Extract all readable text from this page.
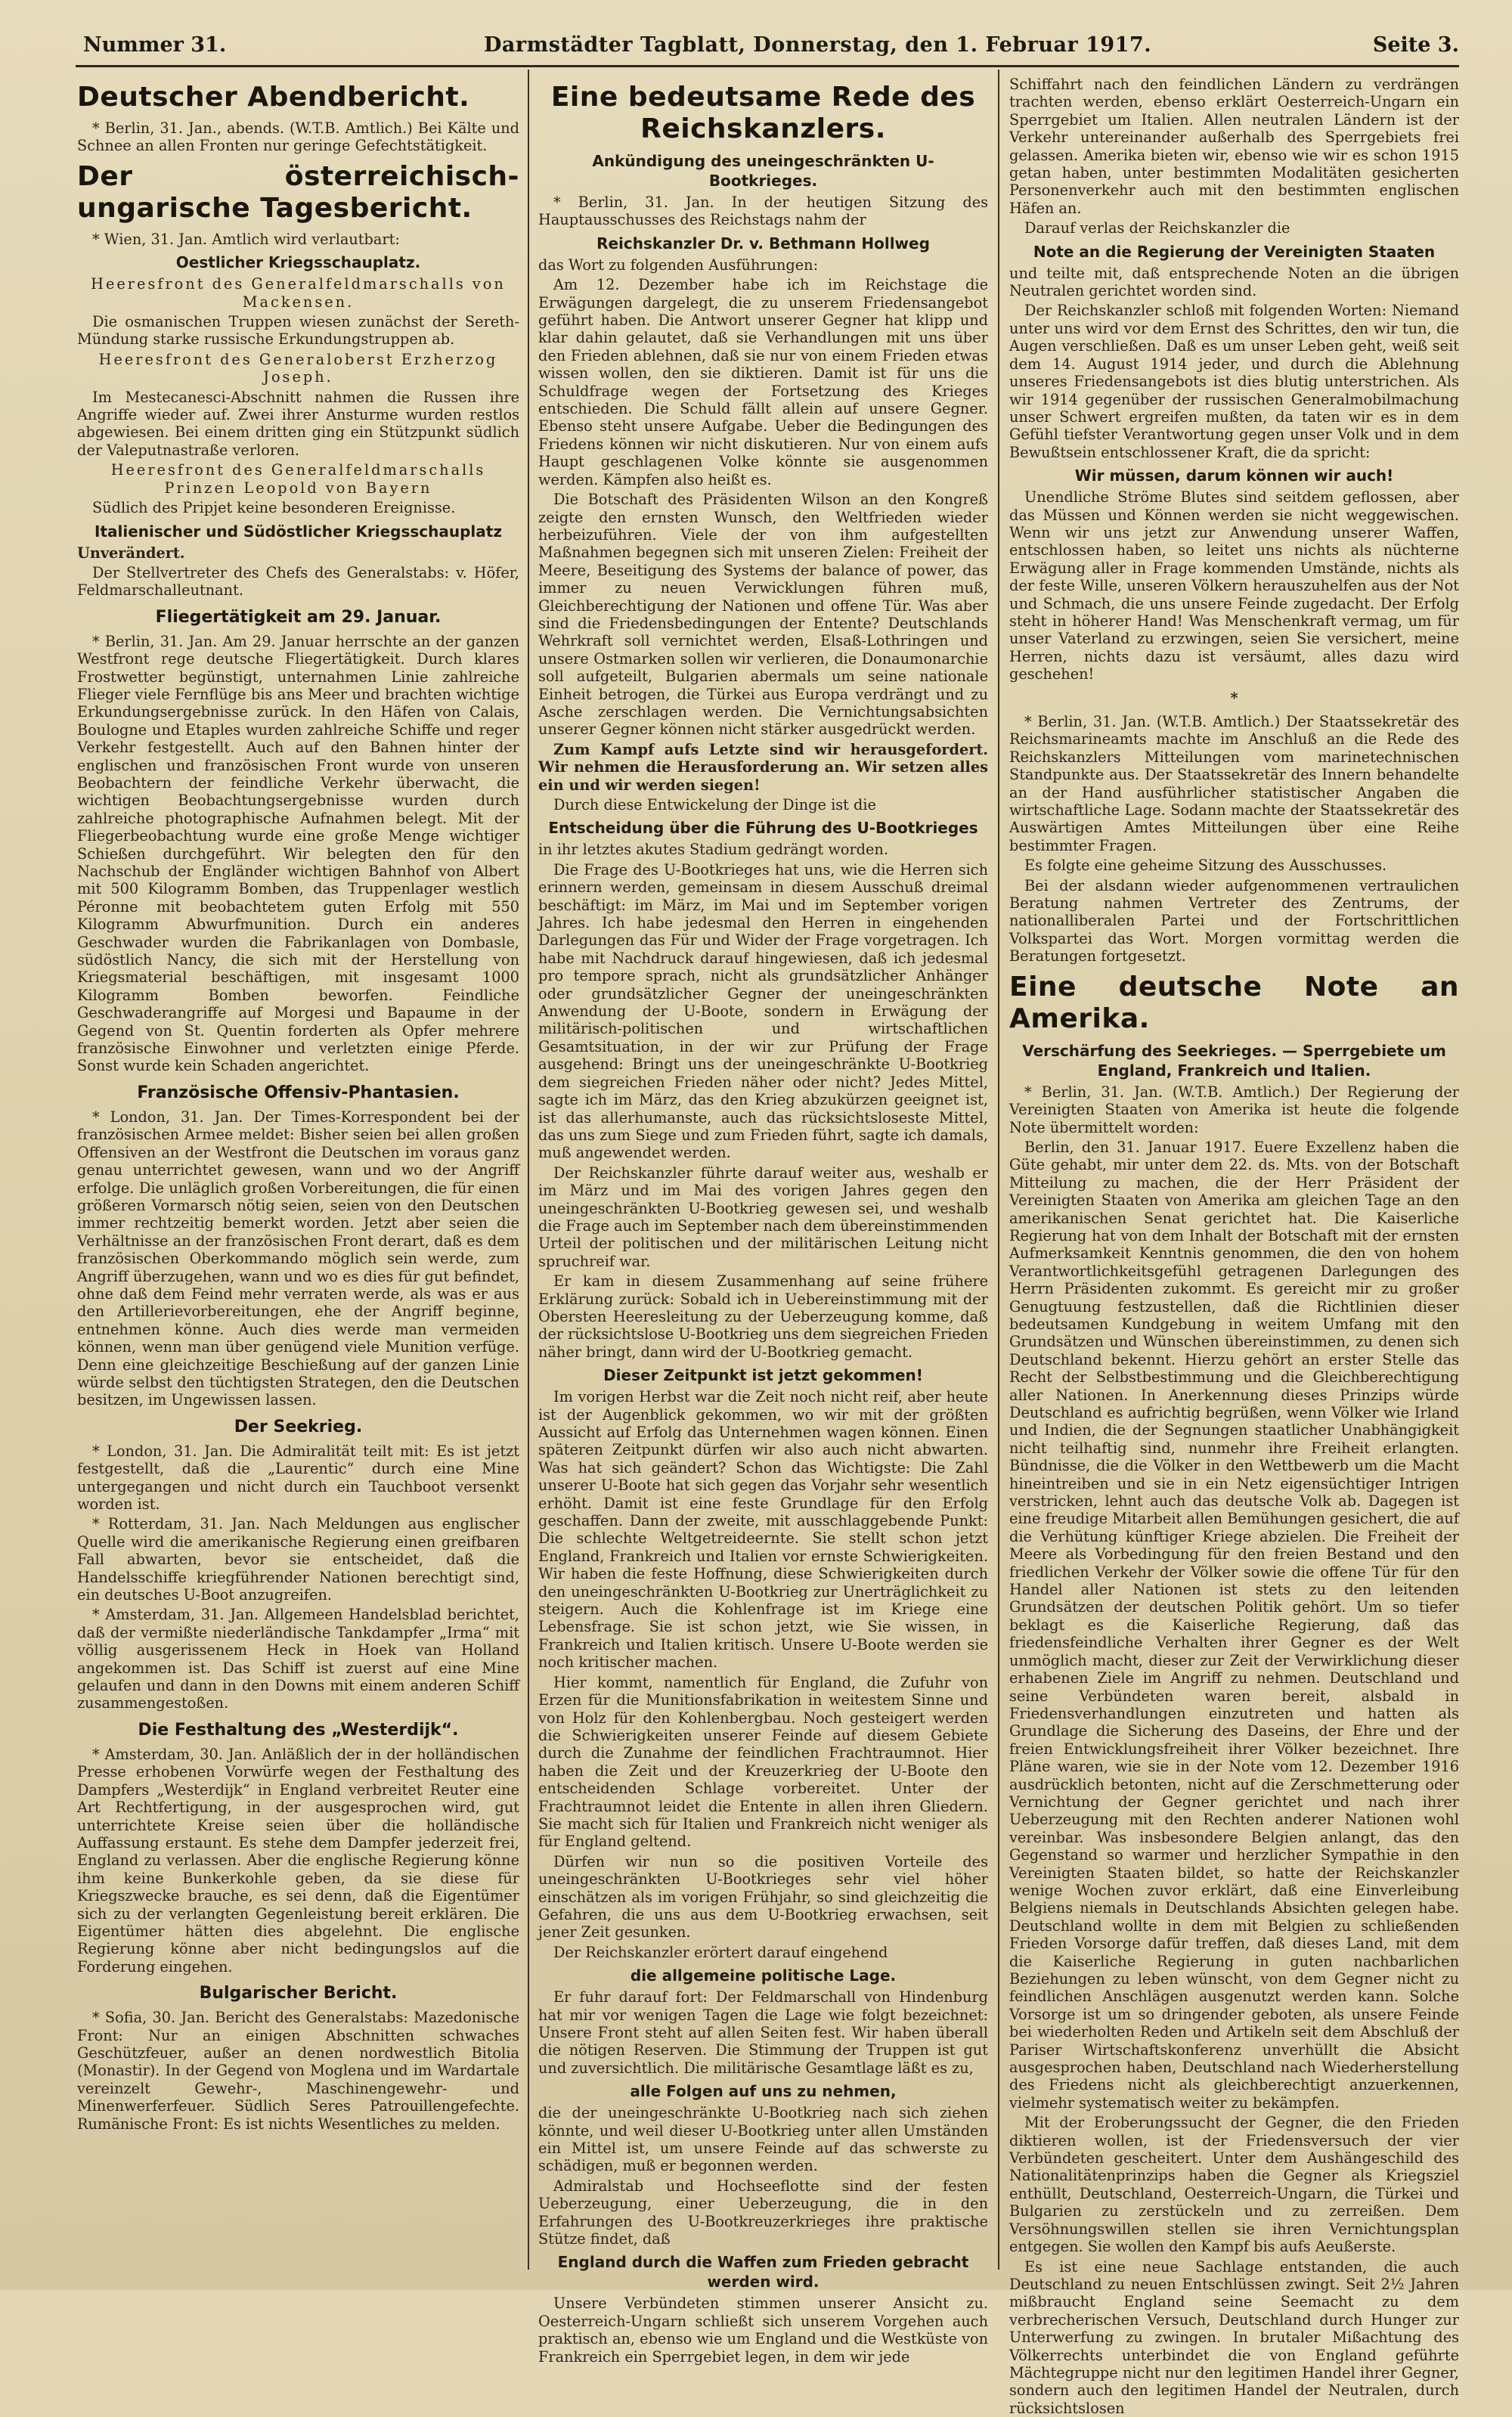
Nummer 31.	Darmstädter Tagblatt, Donnerstag, den 1. Februar 1917.	Seite 3.
Deutscher Abendbericht.

* Berlin, 31. Jan., abends. (W.T.B. Amtlich.) Bei Kälte und Schnee an allen Fronten nur geringe Gefechtstätigkeit.

Der österreichisch-ungarische Tagesbericht.

* Wien, 31. Jan. Amtlich wird verlautbart:

Oestlicher Kriegsschauplatz.

Heeresfront des Generalfeldmarschalls von Mackensen.

Die osmanischen Truppen wiesen zunächst der Sereth-Mündung starke russische Erkundungstruppen ab.

Heeresfront des Generaloberst Erzherzog Joseph.

Im Mestecanesci-Abschnitt nahmen die Russen ihre Angriffe wieder auf. Zwei ihrer Ansturme wurden restlos abgewiesen. Bei einem dritten ging ein Stützpunkt südlich der Valeputnastraße verloren.

Heeresfront des Generalfeldmarschalls Prinzen Leopold von Bayern

Südlich des Pripjet keine besonderen Ereignisse.

Italienischer und Südöstlicher Kriegsschauplatz

Unverändert.

Der Stellvertreter des Chefs des Generalstabs: v. Höfer, Feldmarschalleutnant.

Fliegertätigkeit am 29. Januar.

* Berlin, 31. Jan. Am 29. Januar herrschte an der ganzen Westfront rege deutsche Fliegertätigkeit. Durch klares Frostwetter begünstigt, unternahmen Linie zahlreiche Flieger viele Fernflüge bis ans Meer und brachten wichtige Erkundungsergebnisse zurück. In den Häfen von Calais, Boulogne und Etaples wurden zahlreiche Schiffe und reger Verkehr festgestellt. Auch auf den Bahnen hinter der englischen und französischen Front wurde von unseren Beobachtern der feindliche Verkehr überwacht, die wichtigen Beobachtungsergebnisse wurden durch zahlreiche photographische Aufnahmen belegt. Mit der Fliegerbeobachtung wurde eine große Menge wichtiger Schießen durchgeführt. Wir belegten den für den Nachschub der Engländer wichtigen Bahnhof von Albert mit 500 Kilogramm Bomben, das Truppenlager westlich Péronne mit beobachtetem guten Erfolg mit 550 Kilogramm Abwurfmunition. Durch ein anderes Geschwader wurden die Fabrikanlagen von Dombasle, südöstlich Nancy, die sich mit der Herstellung von Kriegsmaterial beschäftigen, mit insgesamt 1000 Kilogramm Bomben beworfen. Feindliche Geschwaderangriffe auf Morgesi und Bapaume in der Gegend von St. Quentin forderten als Opfer mehrere französische Einwohner und verletzten einige Pferde. Sonst wurde kein Schaden angerichtet.

Französische Offensiv-Phantasien.

* London, 31. Jan. Der Times-Korrespondent bei der französischen Armee meldet: Bisher seien bei allen großen Offensiven an der Westfront die Deutschen im voraus ganz genau unterrichtet gewesen, wann und wo der Angriff erfolge. Die unläglich großen Vorbereitungen, die für einen größeren Vormarsch nötig seien, seien von den Deutschen immer rechtzeitig bemerkt worden. Jetzt aber seien die Verhältnisse an der französischen Front derart, daß es dem französischen Oberkommando möglich sein werde, zum Angriff überzugehen, wann und wo es dies für gut befindet, ohne daß dem Feind mehr verraten werde, als was er aus den Artillerievorbereitungen, ehe der Angriff beginne, entnehmen könne. Auch dies werde man vermeiden können, wenn man über genügend viele Munition verfüge. Denn eine gleichzeitige Beschießung auf der ganzen Linie würde selbst den tüchtigsten Strategen, den die Deutschen besitzen, im Ungewissen lassen.

Der Seekrieg.

* London, 31. Jan. Die Admiralität teilt mit: Es ist jetzt festgestellt, daß die „Laurentic“ durch eine Mine untergegangen und nicht durch ein Tauchboot versenkt worden ist.

* Rotterdam, 31. Jan. Nach Meldungen aus englischer Quelle wird die amerikanische Regierung einen greifbaren Fall abwarten, bevor sie entscheidet, daß die Handelsschiffe kriegführender Nationen berechtigt sind, ein deutsches U-Boot anzugreifen.

* Amsterdam, 31. Jan. Allgemeen Handelsblad berichtet, daß der vermißte niederländische Tankdampfer „Irma“ mit völlig ausgerissenem Heck in Hoek van Holland angekommen ist. Das Schiff ist zuerst auf eine Mine gelaufen und dann in den Downs mit einem anderen Schiff zusammengestoßen.

Die Festhaltung des „Westerdijk“.

* Amsterdam, 30. Jan. Anläßlich der in der holländischen Presse erhobenen Vorwürfe wegen der Festhaltung des Dampfers „Westerdijk“ in England verbreitet Reuter eine Art Rechtfertigung, in der ausgesprochen wird, gut unterrichtete Kreise seien über die holländische Auffassung erstaunt. Es stehe dem Dampfer jederzeit frei, England zu verlassen. Aber die englische Regierung könne ihm keine Bunkerkohle geben, da sie diese für Kriegszwecke brauche, es sei denn, daß die Eigentümer sich zu der verlangten Gegenleistung bereit erklären. Die Eigentümer hätten dies abgelehnt. Die englische Regierung könne aber nicht bedingungslos auf die Forderung eingehen.

Bulgarischer Bericht.

* Sofia, 30. Jan. Bericht des Generalstabs: Mazedonische Front: Nur an einigen Abschnitten schwaches Geschützfeuer, außer an denen nordwestlich Bitolia (Monastir). In der Gegend von Moglena und im Wardartale vereinzelt Gewehr-, Maschinengewehr- und Minenwerferfeuer. Südlich Seres Patrouillengefechte. Rumänische Front: Es ist nichts Wesentliches zu melden.

Eine bedeutsame Rede des Reichskanzlers.
Ankündigung des uneingeschränkten U-Bootkrieges.

* Berlin, 31. Jan. In der heutigen Sitzung des Hauptausschusses des Reichstags nahm der

Reichskanzler Dr. v. Bethmann Hollweg

das Wort zu folgenden Ausführungen:

Am 12. Dezember habe ich im Reichstage die Erwägungen dargelegt, die zu unserem Friedensangebot geführt haben. Die Antwort unserer Gegner hat klipp und klar dahin gelautet, daß sie Verhandlungen mit uns über den Frieden ablehnen, daß sie nur von einem Frieden etwas wissen wollen, den sie diktieren. Damit ist für uns die Schuldfrage wegen der Fortsetzung des Krieges entschieden. Die Schuld fällt allein auf unsere Gegner. Ebenso steht unsere Aufgabe. Ueber die Bedingungen des Friedens können wir nicht diskutieren. Nur von einem aufs Haupt geschlagenen Volke könnte sie ausgenommen werden. Kämpfen also heißt es.

Die Botschaft des Präsidenten Wilson an den Kongreß zeigte den ernsten Wunsch, den Weltfrieden wieder herbeizuführen. Viele der von ihm aufgestellten Maßnahmen begegnen sich mit unseren Zielen: Freiheit der Meere, Beseitigung des Systems der balance of power, das immer zu neuen Verwicklungen führen muß, Gleichberechtigung der Nationen und offene Tür. Was aber sind die Friedensbedingungen der Entente? Deutschlands Wehrkraft soll vernichtet werden, Elsaß-Lothringen und unsere Ostmarken sollen wir verlieren, die Donaumonarchie soll aufgeteilt, Bulgarien abermals um seine nationale Einheit betrogen, die Türkei aus Europa verdrängt und zu Asche zerschlagen werden. Die Vernichtungsabsichten unserer Gegner können nicht stärker ausgedrückt werden.

Zum Kampf aufs Letzte sind wir herausgefordert. Wir nehmen die Herausforderung an. Wir setzen alles ein und wir werden siegen!

Durch diese Entwickelung der Dinge ist die

Entscheidung über die Führung des U-Bootkrieges

in ihr letztes akutes Stadium gedrängt worden.

Die Frage des U-Bootkrieges hat uns, wie die Herren sich erinnern werden, gemeinsam in diesem Ausschuß dreimal beschäftigt: im März, im Mai und im September vorigen Jahres. Ich habe jedesmal den Herren in eingehenden Darlegungen das Für und Wider der Frage vorgetragen. Ich habe mit Nachdruck darauf hingewiesen, daß ich jedesmal pro tempore sprach, nicht als grundsätzlicher Anhänger oder grundsätzlicher Gegner der uneingeschränkten Anwendung der U-Boote, sondern in Erwägung der militärisch-politischen und wirtschaftlichen Gesamtsituation, in der wir zur Prüfung der Frage ausgehend: Bringt uns der uneingeschränkte U-Bootkrieg dem siegreichen Frieden näher oder nicht? Jedes Mittel, sagte ich im März, das den Krieg abzukürzen geeignet ist, ist das allerhumanste, auch das rücksichtsloseste Mittel, das uns zum Siege und zum Frieden führt, sagte ich damals, muß angewendet werden.

Der Reichskanzler führte darauf weiter aus, weshalb er im März und im Mai des vorigen Jahres gegen den uneingeschränkten U-Bootkrieg gewesen sei, und weshalb die Frage auch im September nach dem übereinstimmenden Urteil der politischen und der militärischen Leitung nicht spruchreif war.

Er kam in diesem Zusammenhang auf seine frühere Erklärung zurück: Sobald ich in Uebereinstimmung mit der Obersten Heeresleitung zu der Ueberzeugung komme, daß der rücksichtslose U-Bootkrieg uns dem siegreichen Frieden näher bringt, dann wird der U-Bootkrieg gemacht.

Dieser Zeitpunkt ist jetzt gekommen!

Im vorigen Herbst war die Zeit noch nicht reif, aber heute ist der Augenblick gekommen, wo wir mit der größten Aussicht auf Erfolg das Unternehmen wagen können. Einen späteren Zeitpunkt dürfen wir also auch nicht abwarten. Was hat sich geändert? Schon das Wichtigste: Die Zahl unserer U-Boote hat sich gegen das Vorjahr sehr wesentlich erhöht. Damit ist eine feste Grundlage für den Erfolg geschaffen. Dann der zweite, mit ausschlaggebende Punkt: Die schlechte Weltgetreideernte. Sie stellt schon jetzt England, Frankreich und Italien vor ernste Schwierigkeiten. Wir haben die feste Hoffnung, diese Schwierigkeiten durch den uneingeschränkten U-Bootkrieg zur Unerträglichkeit zu steigern. Auch die Kohlenfrage ist im Kriege eine Lebensfrage. Sie ist schon jetzt, wie Sie wissen, in Frankreich und Italien kritisch. Unsere U-Boote werden sie noch kritischer machen.

Hier kommt, namentlich für England, die Zufuhr von Erzen für die Munitionsfabrikation in weitestem Sinne und von Holz für den Kohlenbergbau. Noch gesteigert werden die Schwierigkeiten unserer Feinde auf diesem Gebiete durch die Zunahme der feindlichen Frachtraumnot. Hier haben die Zeit und der Kreuzerkrieg der U-Boote den entscheidenden Schlage vorbereitet. Unter der Frachtraumnot leidet die Entente in allen ihren Gliedern. Sie macht sich für Italien und Frankreich nicht weniger als für England geltend.

Dürfen wir nun so die positiven Vorteile des uneingeschränkten U-Bootkrieges sehr viel höher einschätzen als im vorigen Frühjahr, so sind gleichzeitig die Gefahren, die uns aus dem U-Bootkrieg erwachsen, seit jener Zeit gesunken.

Der Reichskanzler erörtert darauf eingehend

die allgemeine politische Lage.

Er fuhr darauf fort: Der Feldmarschall von Hindenburg hat mir vor wenigen Tagen die Lage wie folgt bezeichnet: Unsere Front steht auf allen Seiten fest. Wir haben überall die nötigen Reserven. Die Stimmung der Truppen ist gut und zuversichtlich. Die militärische Gesamtlage läßt es zu,

alle Folgen auf uns zu nehmen,

die der uneingeschränkte U-Bootkrieg nach sich ziehen könnte, und weil dieser U-Bootkrieg unter allen Umständen ein Mittel ist, um unsere Feinde auf das schwerste zu schädigen, muß er begonnen werden.

Admiralstab und Hochseeflotte sind der festen Ueberzeugung, einer Ueberzeugung, die in den Erfahrungen des U-Bootkreuzerkrieges ihre praktische Stütze findet, daß

England durch die Waffen zum Frieden gebracht werden wird.

Unsere Verbündeten stimmen unserer Ansicht zu. Oesterreich-Ungarn schließt sich unserem Vorgehen auch praktisch an, ebenso wie um England und die Westküste von Frankreich ein Sperrgebiet legen, in dem wir jede

Schiffahrt nach den feindlichen Ländern zu verdrängen trachten werden, ebenso erklärt Oesterreich-Ungarn ein Sperrgebiet um Italien. Allen neutralen Ländern ist der Verkehr untereinander außerhalb des Sperrgebiets frei gelassen. Amerika bieten wir, ebenso wie wir es schon 1915 getan haben, unter bestimmten Modalitäten gesicherten Personenverkehr auch mit den bestimmten englischen Häfen an.

Darauf verlas der Reichskanzler die

Note an die Regierung der Vereinigten Staaten

und teilte mit, daß entsprechende Noten an die übrigen Neutralen gerichtet worden sind.

Der Reichskanzler schloß mit folgenden Worten: Niemand unter uns wird vor dem Ernst des Schrittes, den wir tun, die Augen verschließen. Daß es um unser Leben geht, weiß seit dem 14. August 1914 jeder, und durch die Ablehnung unseres Friedensangebots ist dies blutig unterstrichen. Als wir 1914 gegenüber der russischen Generalmobilmachung unser Schwert ergreifen mußten, da taten wir es in dem Gefühl tiefster Verantwortung gegen unser Volk und in dem Bewußtsein entschlossener Kraft, die da spricht:

Wir müssen, darum können wir auch!

Unendliche Ströme Blutes sind seitdem geflossen, aber das Müssen und Können werden sie nicht weggewischen. Wenn wir uns jetzt zur Anwendung unserer Waffen, entschlossen haben, so leitet uns nichts als nüchterne Erwägung aller in Frage kommenden Umstände, nichts als der feste Wille, unseren Völkern herauszuhelfen aus der Not und Schmach, die uns unsere Feinde zugedacht. Der Erfolg steht in höherer Hand! Was Menschenkraft vermag, um für unser Vaterland zu erzwingen, seien Sie versichert, meine Herren, nichts dazu ist versäumt, alles dazu wird geschehen!

*

* Berlin, 31. Jan. (W.T.B. Amtlich.) Der Staatssekretär des Reichsmarineamts machte im Anschluß an die Rede des Reichskanzlers Mitteilungen vom marinetechnischen Standpunkte aus. Der Staatssekretär des Innern behandelte an der Hand ausführlicher statistischer Angaben die wirtschaftliche Lage. Sodann machte der Staatssekretär des Auswärtigen Amtes Mitteilungen über eine Reihe bestimmter Fragen.

Es folgte eine geheime Sitzung des Ausschusses.

Bei der alsdann wieder aufgenommenen vertraulichen Beratung nahmen Vertreter des Zentrums, der nationalliberalen Partei und der Fortschrittlichen Volkspartei das Wort. Morgen vormittag werden die Beratungen fortgesetzt.

Eine deutsche Note an Amerika.
Verschärfung des Seekrieges. — Sperrgebiete um England, Frankreich und Italien.

* Berlin, 31. Jan. (W.T.B. Amtlich.) Der Regierung der Vereinigten Staaten von Amerika ist heute die folgende Note übermittelt worden:

Berlin, den 31. Januar 1917. Euere Exzellenz haben die Güte gehabt, mir unter dem 22. ds. Mts. von der Botschaft Mitteilung zu machen, die der Herr Präsident der Vereinigten Staaten von Amerika am gleichen Tage an den amerikanischen Senat gerichtet hat. Die Kaiserliche Regierung hat von dem Inhalt der Botschaft mit der ernsten Aufmerksamkeit Kenntnis genommen, die den von hohem Verantwortlichkeitsgefühl getragenen Darlegungen des Herrn Präsidenten zukommt. Es gereicht mir zu großer Genugtuung festzustellen, daß die Richtlinien dieser bedeutsamen Kundgebung in weitem Umfang mit den Grundsätzen und Wünschen übereinstimmen, zu denen sich Deutschland bekennt. Hierzu gehört an erster Stelle das Recht der Selbstbestimmung und die Gleichberechtigung aller Nationen. In Anerkennung dieses Prinzips würde Deutschland es aufrichtig begrüßen, wenn Völker wie Irland und Indien, die der Segnungen staatlicher Unabhängigkeit nicht teilhaftig sind, nunmehr ihre Freiheit erlangten. Bündnisse, die die Völker in den Wettbewerb um die Macht hineintreiben und sie in ein Netz eigensüchtiger Intrigen verstricken, lehnt auch das deutsche Volk ab. Dagegen ist eine freudige Mitarbeit allen Bemühungen gesichert, die auf die Verhütung künftiger Kriege abzielen. Die Freiheit der Meere als Vorbedingung für den freien Bestand und den friedlichen Verkehr der Völker sowie die offene Tür für den Handel aller Nationen ist stets zu den leitenden Grundsätzen der deutschen Politik gehört. Um so tiefer beklagt es die Kaiserliche Regierung, daß das friedensfeindliche Verhalten ihrer Gegner es der Welt unmöglich macht, dieser zur Zeit der Verwirklichung dieser erhabenen Ziele im Angriff zu nehmen. Deutschland und seine Verbündeten waren bereit, alsbald in Friedensverhandlungen einzutreten und hatten als Grundlage die Sicherung des Daseins, der Ehre und der freien Entwicklungsfreiheit ihrer Völker bezeichnet. Ihre Pläne waren, wie sie in der Note vom 12. Dezember 1916 ausdrücklich betonten, nicht auf die Zerschmetterung oder Vernichtung der Gegner gerichtet und nach ihrer Ueberzeugung mit den Rechten anderer Nationen wohl vereinbar. Was insbesondere Belgien anlangt, das den Gegenstand so warmer und herzlicher Sympathie in den Vereinigten Staaten bildet, so hatte der Reichskanzler wenige Wochen zuvor erklärt, daß eine Einverleibung Belgiens niemals in Deutschlands Absichten gelegen habe. Deutschland wollte in dem mit Belgien zu schließenden Frieden Vorsorge dafür treffen, daß dieses Land, mit dem die Kaiserliche Regierung in guten nachbarlichen Beziehungen zu leben wünscht, von dem Gegner nicht zu feindlichen Anschlägen ausgenutzt werden kann. Solche Vorsorge ist um so dringender geboten, als unsere Feinde bei wiederholten Reden und Artikeln seit dem Abschluß der Pariser Wirtschaftskonferenz unverhüllt die Absicht ausgesprochen haben, Deutschland nach Wiederherstellung des Friedens nicht als gleichberechtigt anzuerkennen, vielmehr systematisch weiter zu bekämpfen.

Mit der Eroberungssucht der Gegner, die den Frieden diktieren wollen, ist der Friedensversuch der vier Verbündeten gescheitert. Unter dem Aushängeschild des Nationalitätenprinzips haben die Gegner als Kriegsziel enthüllt, Deutschland, Oesterreich-Ungarn, die Türkei und Bulgarien zu zerstückeln und zu zerreißen. Dem Versöhnungswillen stellen sie ihren Vernichtungsplan entgegen. Sie wollen den Kampf bis aufs Aeußerste.

Es ist eine neue Sachlage entstanden, die auch Deutschland zu neuen Entschlüssen zwingt. Seit 2½ Jahren mißbraucht England seine Seemacht zu dem verbrecherischen Versuch, Deutschland durch Hunger zur Unterwerfung zu zwingen. In brutaler Mißachtung des Völkerrechts unterbindet die von England geführte Mächtegruppe nicht nur den legitimen Handel ihrer Gegner, sondern auch den legitimen Handel der Neutralen, durch rücksichtslosen
